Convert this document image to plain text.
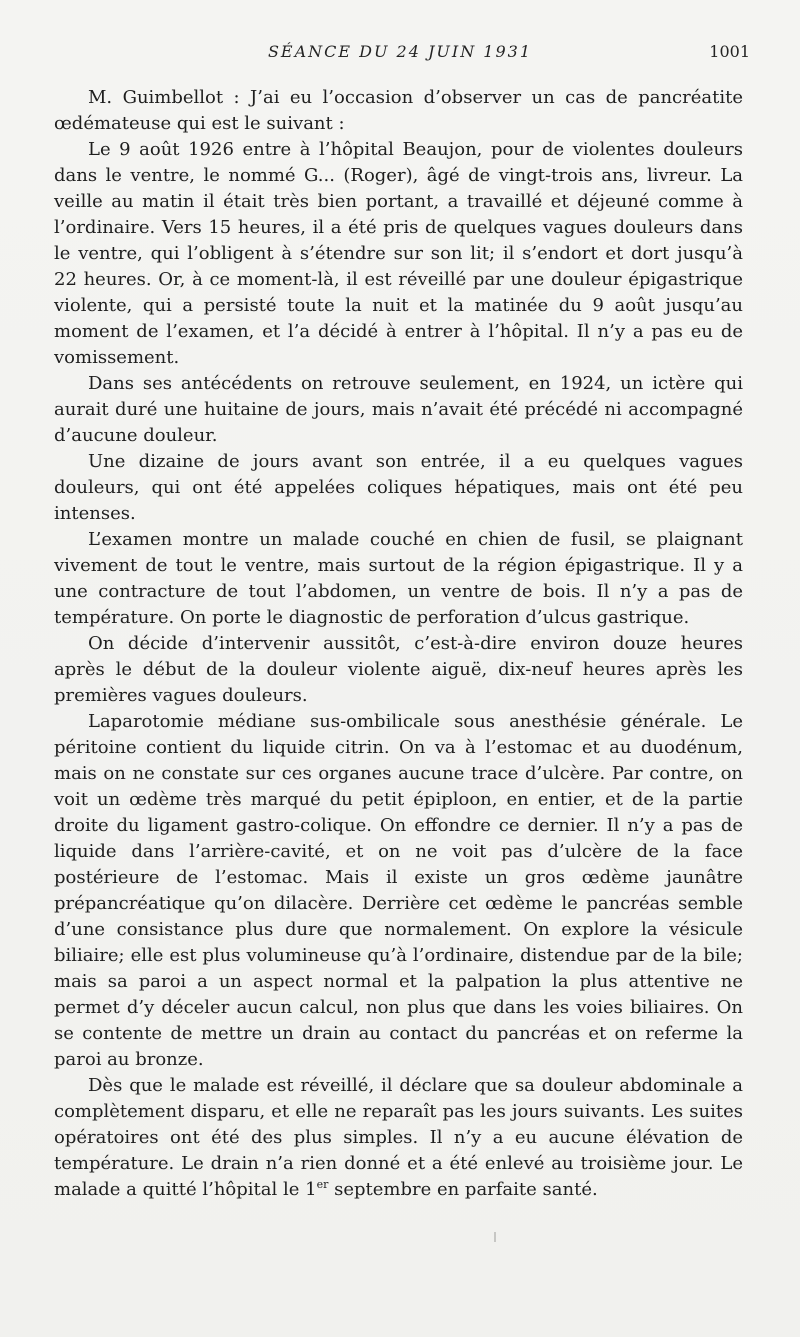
SÉANCE DU 24 JUIN 1931	1001

M. Guimbellot : J’ai eu l’occasion d’observer un cas de pancréatite œdémateuse qui est le suivant :

Le 9 août 1926 entre à l’hôpital Beaujon, pour de violentes douleurs dans le ventre, le nommé G... (Roger), âgé de vingt-trois ans, livreur. La veille au matin il était très bien portant, a travaillé et déjeuné comme à l’ordinaire. Vers 15 heures, il a été pris de quelques vagues douleurs dans le ventre, qui l’obligent à s’étendre sur son lit; il s’endort et dort jusqu’à 22 heures. Or, à ce moment-là, il est réveillé par une douleur épigastrique violente, qui a persisté toute la nuit et la matinée du 9 août jusqu’au moment de l’examen, et l’a décidé à entrer à l’hôpital. Il n’y a pas eu de vomissement.

Dans ses antécédents on retrouve seulement, en 1924, un ictère qui aurait duré une huitaine de jours, mais n’avait été précédé ni accompagné d’aucune douleur.

Une dizaine de jours avant son entrée, il a eu quelques vagues douleurs, qui ont été appelées coliques hépatiques, mais ont été peu intenses.

L’examen montre un malade couché en chien de fusil, se plaignant vivement de tout le ventre, mais surtout de la région épigastrique. Il y a une contracture de tout l’abdomen, un ventre de bois. Il n’y a pas de température. On porte le diagnostic de perforation d’ulcus gastrique.

On décide d’intervenir aussitôt, c’est-à-dire environ douze heures après le début de la douleur violente aiguë, dix-neuf heures après les premières vagues douleurs.

Laparotomie médiane sus-ombilicale sous anesthésie générale. Le péritoine contient du liquide citrin. On va à l’estomac et au duodénum, mais on ne constate sur ces organes aucune trace d’ulcère. Par contre, on voit un œdème très marqué du petit épiploon, en entier, et de la partie droite du ligament gastro-colique. On effondre ce dernier. Il n’y a pas de liquide dans l’arrière-cavité, et on ne voit pas d’ulcère de la face postérieure de l’estomac. Mais il existe un gros œdème jaunâtre prépancréatique qu’on dilacère. Derrière cet œdème le pancréas semble d’une consistance plus dure que normalement. On explore la vésicule biliaire; elle est plus volumineuse qu’à l’ordinaire, distendue par de la bile; mais sa paroi a un aspect normal et la palpation la plus attentive ne permet d’y déceler aucun calcul, non plus que dans les voies biliaires. On se contente de mettre un drain au contact du pancréas et on referme la paroi au bronze.

Dès que le malade est réveillé, il déclare que sa douleur abdominale a complètement disparu, et elle ne reparaît pas les jours suivants. Les suites opératoires ont été des plus simples. Il n’y a eu aucune élévation de température. Le drain n’a rien donné et a été enlevé au troisième jour. Le malade a quitté l’hôpital le 1er septembre en parfaite santé.
